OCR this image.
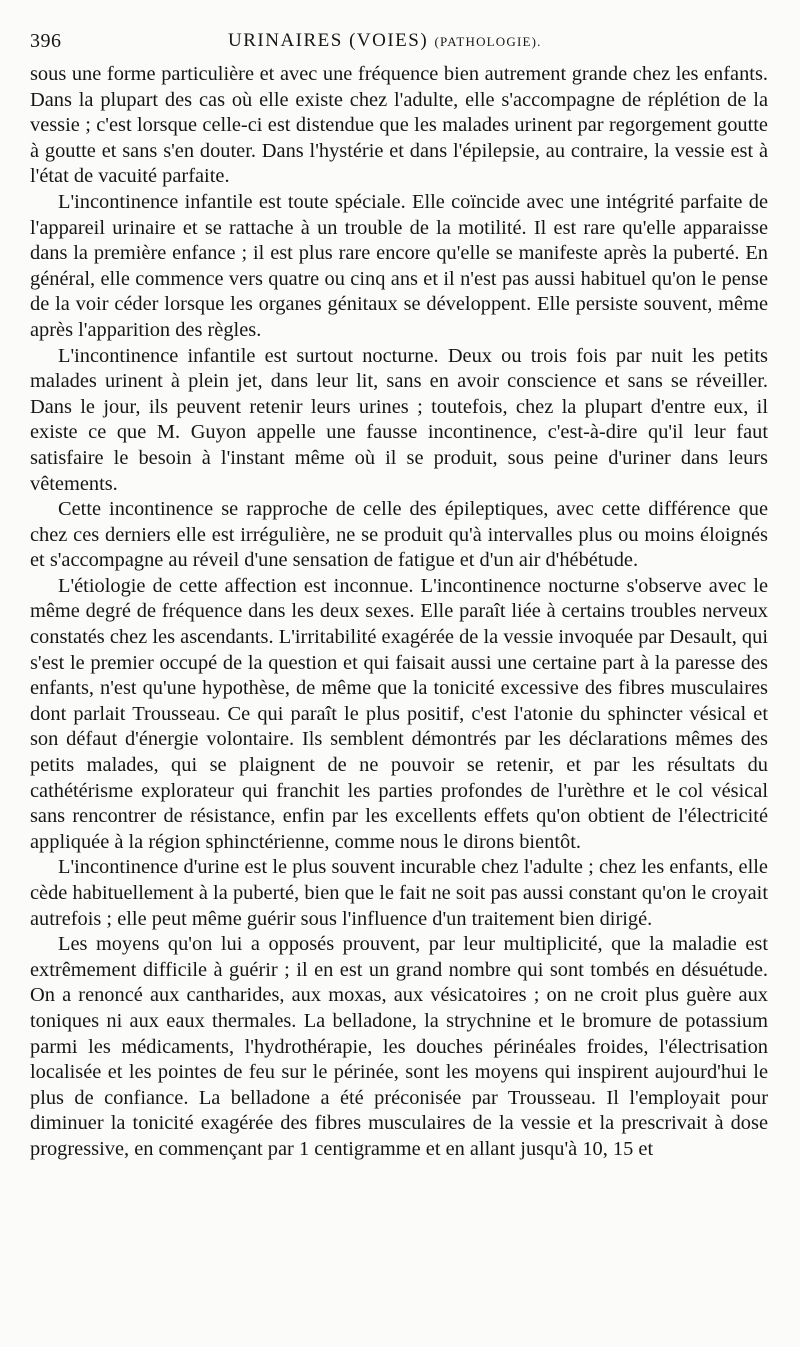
396	URINAIRES (VOIES) (PATHOLOGIE).

sous une forme particulière et avec une fréquence bien autrement grande chez les enfants. Dans la plupart des cas où elle existe chez l'adulte, elle s'accompagne de réplétion de la vessie ; c'est lorsque celle-ci est distendue que les malades urinent par regorgement goutte à goutte et sans s'en douter. Dans l'hystérie et dans l'épilepsie, au contraire, la vessie est à l'état de vacuité parfaite.

L'incontinence infantile est toute spéciale. Elle coïncide avec une intégrité parfaite de l'appareil urinaire et se rattache à un trouble de la motilité. Il est rare qu'elle apparaisse dans la première enfance ; il est plus rare encore qu'elle se manifeste après la puberté. En général, elle commence vers quatre ou cinq ans et il n'est pas aussi habituel qu'on le pense de la voir céder lorsque les organes génitaux se développent. Elle persiste souvent, même après l'apparition des règles.

L'incontinence infantile est surtout nocturne. Deux ou trois fois par nuit les petits malades urinent à plein jet, dans leur lit, sans en avoir conscience et sans se réveiller. Dans le jour, ils peuvent retenir leurs urines ; toutefois, chez la plupart d'entre eux, il existe ce que M. Guyon appelle une fausse incontinence, c'est-à-dire qu'il leur faut satisfaire le besoin à l'instant même où il se produit, sous peine d'uriner dans leurs vêtements.

Cette incontinence se rapproche de celle des épileptiques, avec cette différence que chez ces derniers elle est irrégulière, ne se produit qu'à intervalles plus ou moins éloignés et s'accompagne au réveil d'une sensation de fatigue et d'un air d'hébétude.

L'étiologie de cette affection est inconnue. L'incontinence nocturne s'observe avec le même degré de fréquence dans les deux sexes. Elle paraît liée à certains troubles nerveux constatés chez les ascendants. L'irritabilité exagérée de la vessie invoquée par Desault, qui s'est le premier occupé de la question et qui faisait aussi une certaine part à la paresse des enfants, n'est qu'une hypothèse, de même que la tonicité excessive des fibres musculaires dont parlait Trousseau. Ce qui paraît le plus positif, c'est l'atonie du sphincter vésical et son défaut d'énergie volontaire. Ils semblent démontrés par les déclarations mêmes des petits malades, qui se plaignent de ne pouvoir se retenir, et par les résultats du cathétérisme explorateur qui franchit les parties profondes de l'urèthre et le col vésical sans rencontrer de résistance, enfin par les excellents effets qu'on obtient de l'électricité appliquée à la région sphinctérienne, comme nous le dirons bientôt.

L'incontinence d'urine est le plus souvent incurable chez l'adulte ; chez les enfants, elle cède habituellement à la puberté, bien que le fait ne soit pas aussi constant qu'on le croyait autrefois ; elle peut même guérir sous l'influence d'un traitement bien dirigé.

Les moyens qu'on lui a opposés prouvent, par leur multiplicité, que la maladie est extrêmement difficile à guérir ; il en est un grand nombre qui sont tombés en désuétude. On a renoncé aux cantharides, aux moxas, aux vésicatoires ; on ne croit plus guère aux toniques ni aux eaux thermales. La belladone, la strychnine et le bromure de potassium parmi les médicaments, l'hydrothérapie, les douches périnéales froides, l'électrisation localisée et les pointes de feu sur le périnée, sont les moyens qui inspirent aujourd'hui le plus de confiance. La belladone a été préconisée par Trousseau. Il l'employait pour diminuer la tonicité exagérée des fibres musculaires de la vessie et la prescrivait à dose progressive, en commençant par 1 centigramme et en allant jusqu'à 10, 15 et
